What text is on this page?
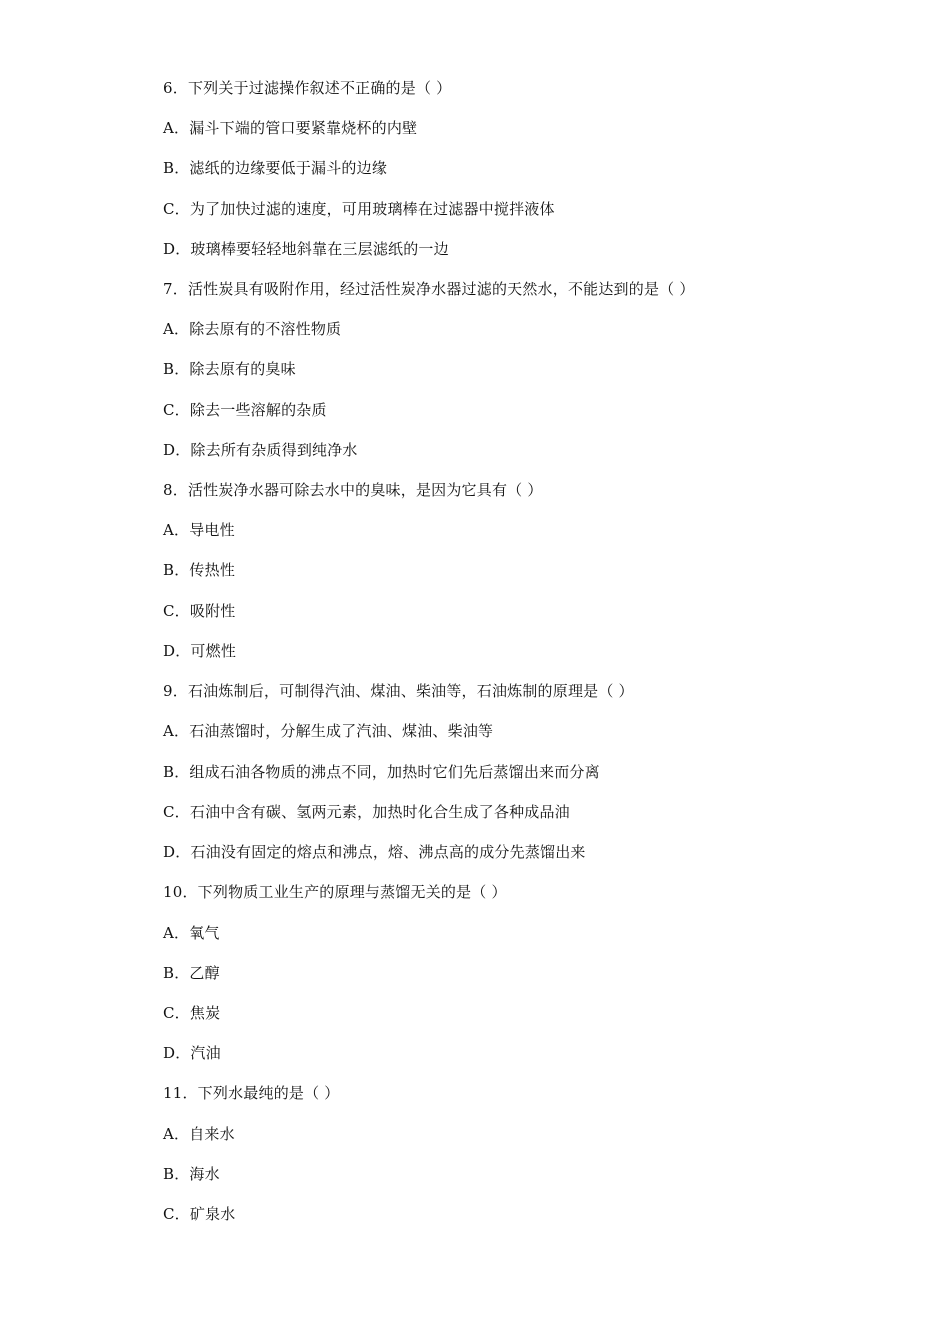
6．下列关于过滤操作叙述不正确的是（ ）
A．漏斗下端的管口要紧靠烧杯的内壁
B．滤纸的边缘要低于漏斗的边缘
C．为了加快过滤的速度，可用玻璃棒在过滤器中搅拌液体
D．玻璃棒要轻轻地斜靠在三层滤纸的一边
7．活性炭具有吸附作用，经过活性炭净水器过滤的天然水，不能达到的是（ ）
A．除去原有的不溶性物质
B．除去原有的臭味
C．除去一些溶解的杂质
D．除去所有杂质得到纯净水
8．活性炭净水器可除去水中的臭味，是因为它具有（ ）
A．导电性
B．传热性
C．吸附性
D．可燃性
9．石油炼制后，可制得汽油、煤油、柴油等，石油炼制的原理是（ ）
A．石油蒸馏时，分解生成了汽油、煤油、柴油等
B．组成石油各物质的沸点不同，加热时它们先后蒸馏出来而分离
C．石油中含有碳、氢两元素，加热时化合生成了各种成品油
D．石油没有固定的熔点和沸点，熔、沸点高的成分先蒸馏出来
10．下列物质工业生产的原理与蒸馏无关的是（ ）
A．氧气
B．乙醇
C．焦炭
D．汽油
11．下列水最纯的是（ ）
A．自来水
B．海水
C．矿泉水
